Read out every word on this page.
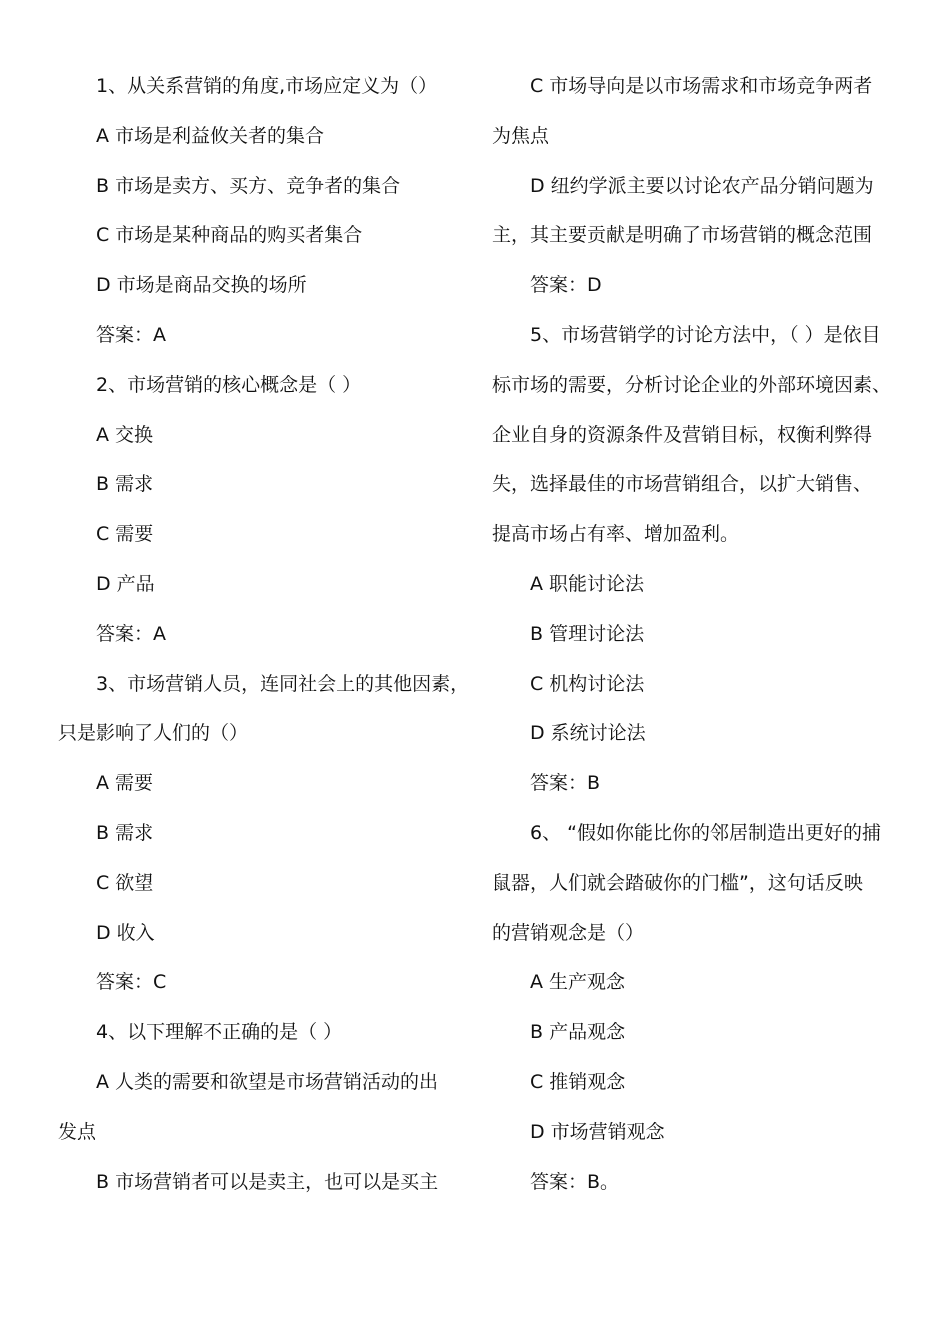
1、从关系营销的角度,市场应定义为（）
A 市场是利益攸关者的集合
B 市场是卖方、买方、竞争者的集合
C 市场是某种商品的购买者集合
D 市场是商品交换的场所
答案：A
2、市场营销的核心概念是（ ）
A 交换
B 需求
C 需要
D 产品
答案：A
3、市场营销人员，连同社会上的其他因素，
只是影响了人们的（）
A 需要
B 需求
C 欲望
D 收入
答案：C
4、以下理解不正确的是（ ）
A 人类的需要和欲望是市场营销活动的出
发点
B 市场营销者可以是卖主，也可以是买主
C 市场导向是以市场需求和市场竞争两者
为焦点
D 纽约学派主要以讨论农产品分销问题为
主，其主要贡献是明确了市场营销的概念范围
答案：D
5、市场营销学的讨论方法中，（ ）是依目
标市场的需要，分析讨论企业的外部环境因素、
企业自身的资源条件及营销目标，权衡利弊得
失，选择最佳的市场营销组合，以扩大销售、
提高市场占有率、增加盈利。
A 职能讨论法
B 管理讨论法
C 机构讨论法
D 系统讨论法
答案：B
6、 “假如你能比你的邻居制造出更好的捕
鼠器，人们就会踏破你的门槛”，这句话反映
的营销观念是（）
A 生产观念
B 产品观念
C 推销观念
D 市场营销观念
答案：B。
